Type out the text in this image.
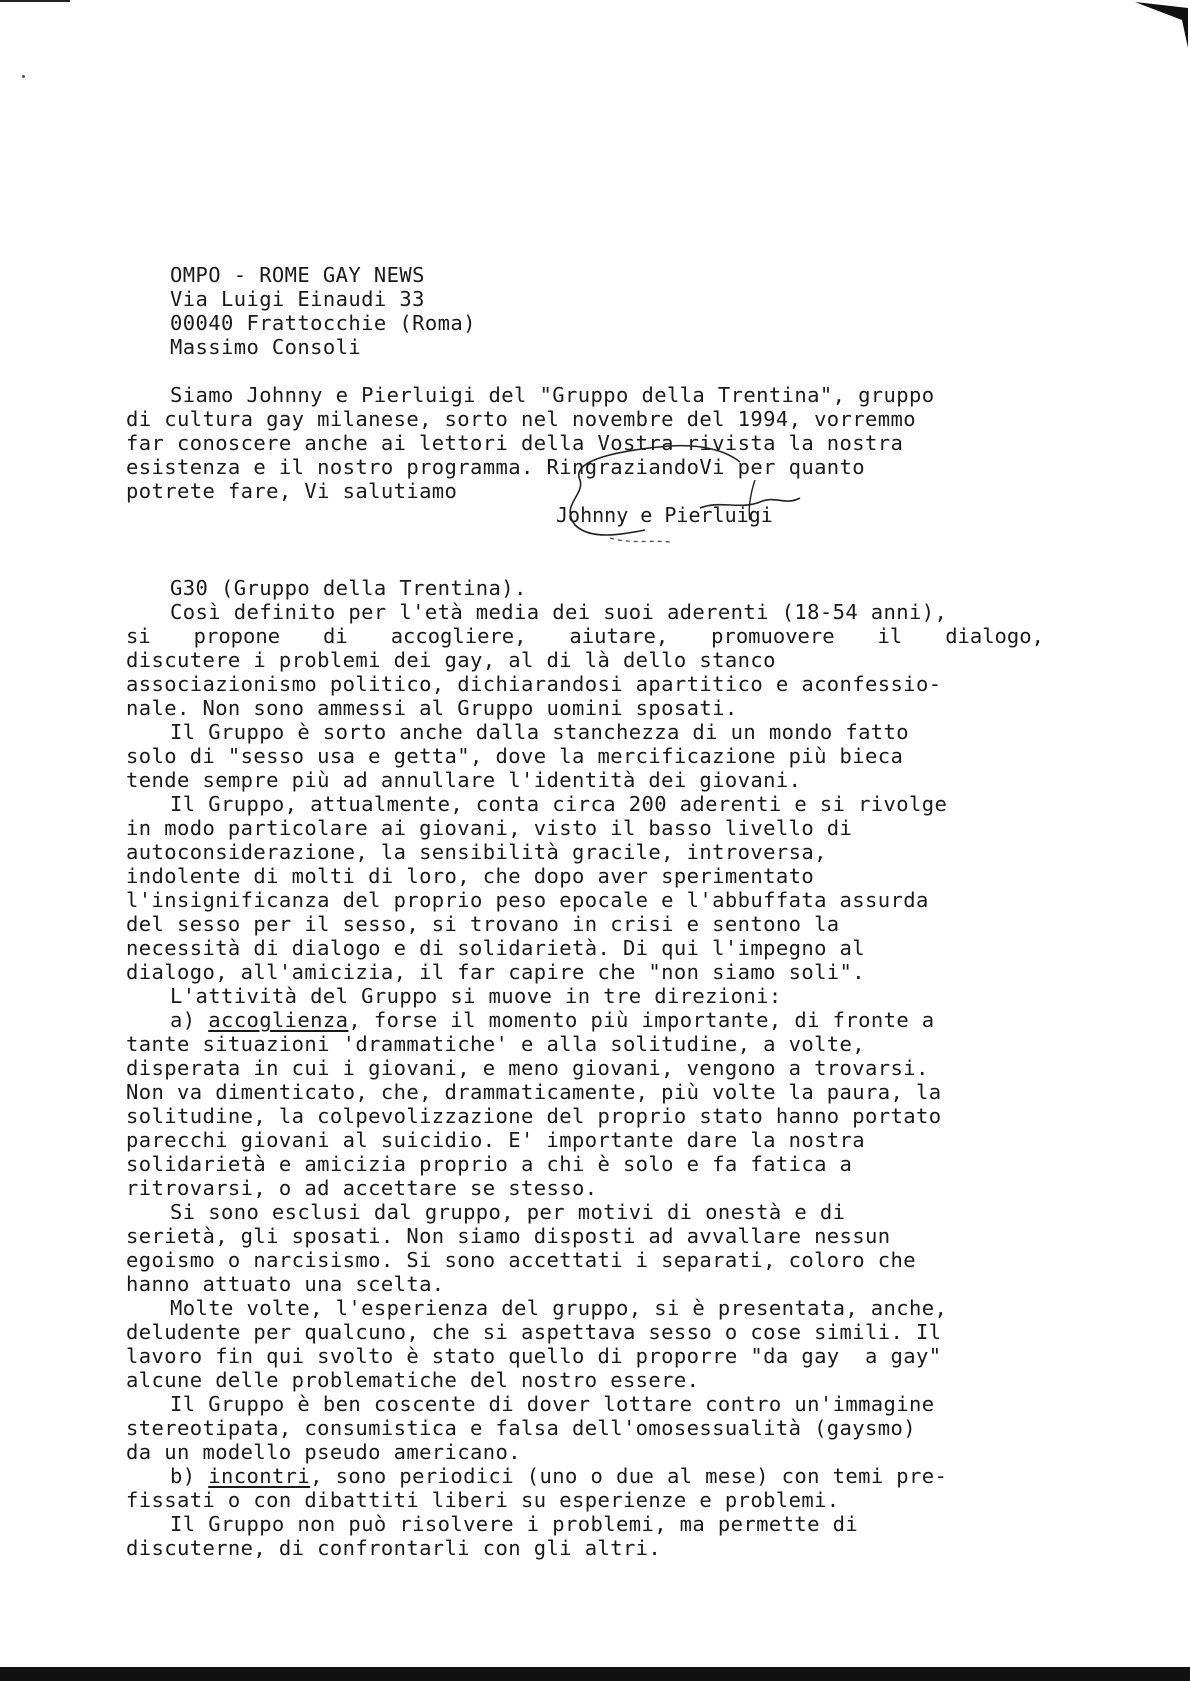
OMPO - ROME GAY NEWS
Via Luigi Einaudi 33
00040 Frattocchie (Roma)
Massimo Consoli
Siamo Johnny e Pierluigi del "Gruppo della Trentina", gruppo
di cultura gay milanese, sorto nel novembre del 1994, vorremmo
far conoscere anche ai lettori della Vostra rivista la nostra
esistenza e il nostro programma. RingraziandoVi per quanto
potrete fare, Vi salutiamo
Johnny e Pierluigi
G30 (Gruppo della Trentina).
Così definito per l'età media dei suoi aderenti (18-54 anni),
si propone di accogliere, aiutare, promuovere il dialogo,
discutere i problemi dei gay, al di là dello stanco
associazionismo politico, dichiarandosi apartitico e aconfessio-
nale. Non sono ammessi al Gruppo uomini sposati.
Il Gruppo è sorto anche dalla stanchezza di un mondo fatto
solo di "sesso usa e getta", dove la mercificazione più bieca
tende sempre più ad annullare l'identità dei giovani.
Il Gruppo, attualmente, conta circa 200 aderenti e si rivolge
in modo particolare ai giovani, visto il basso livello di
autoconsiderazione, la sensibilità gracile, introversa,
indolente di molti di loro, che dopo aver sperimentato
l'insignificanza del proprio peso epocale e l'abbuffata assurda
del sesso per il sesso, si trovano in crisi e sentono la
necessità di dialogo e di solidarietà. Di qui l'impegno al
dialogo, all'amicizia, il far capire che "non siamo soli".
L'attività del Gruppo si muove in tre direzioni:
a) accoglienza, forse il momento più importante, di fronte a
tante situazioni 'drammatiche' e alla solitudine, a volte,
disperata in cui i giovani, e meno giovani, vengono a trovarsi.
Non va dimenticato, che, drammaticamente, più volte la paura, la
solitudine, la colpevolizzazione del proprio stato hanno portato
parecchi giovani al suicidio. E' importante dare la nostra
solidarietà e amicizia proprio a chi è solo e fa fatica a
ritrovarsi, o ad accettare se stesso.
Si sono esclusi dal gruppo, per motivi di onestà e di
serietà, gli sposati. Non siamo disposti ad avvallare nessun
egoismo o narcisismo. Si sono accettati i separati, coloro che
hanno attuato una scelta.
Molte volte, l'esperienza del gruppo, si è presentata, anche,
deludente per qualcuno, che si aspettava sesso o cose simili. Il
lavoro fin qui svolto è stato quello di proporre "da gay  a gay"
alcune delle problematiche del nostro essere.
Il Gruppo è ben coscente di dover lottare contro un'immagine
stereotipata, consumistica e falsa dell'omosessualità (gaysmo)
da un modello pseudo americano.
b) incontri, sono periodici (uno o due al mese) con temi pre-
fissati o con dibattiti liberi su esperienze e problemi.
Il Gruppo non può risolvere i problemi, ma permette di
discuterne, di confrontarli con gli altri.
